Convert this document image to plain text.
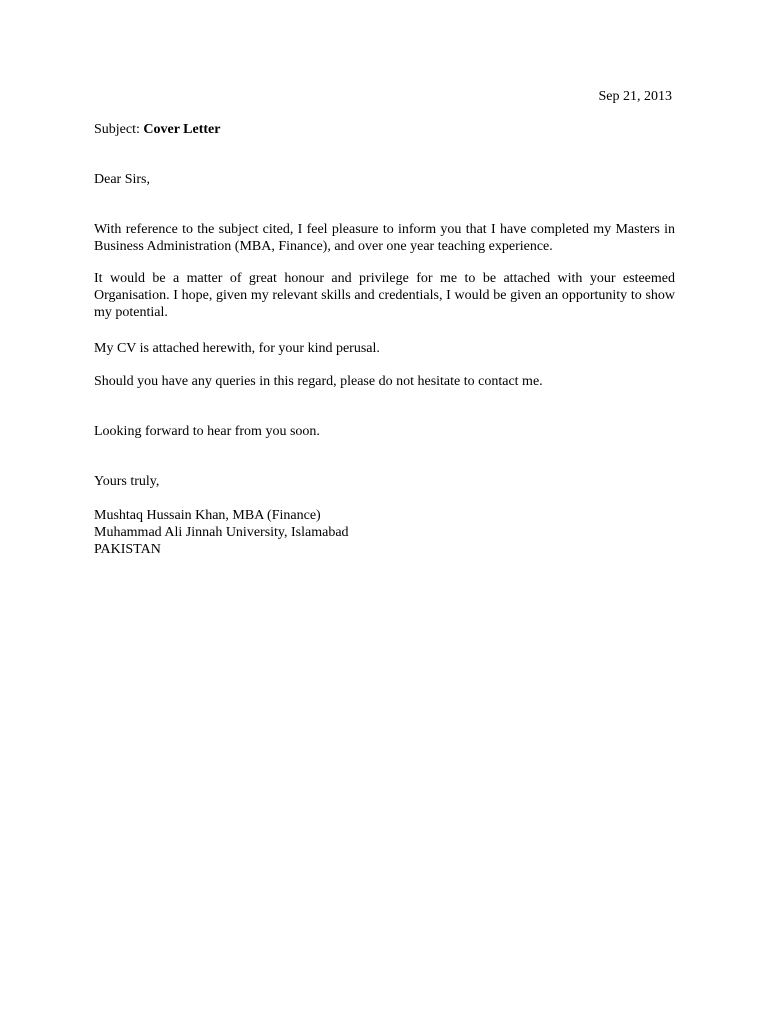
Sep 21, 2013
Subject: Cover Letter
Dear Sirs,
With reference to the subject cited, I feel pleasure to inform you that I have completed my Masters in Business Administration (MBA, Finance), and over one year teaching experience.
It would be a matter of great honour and privilege for me to be attached with your esteemed Organisation. I hope, given my relevant skills and credentials, I would be given an opportunity to show my potential.
My CV is attached herewith, for your kind perusal.
Should you have any queries in this regard, please do not hesitate to contact me.
Looking forward to hear from you soon.
Yours truly,
Mushtaq Hussain Khan, MBA (Finance)
Muhammad Ali Jinnah University, Islamabad
PAKISTAN
